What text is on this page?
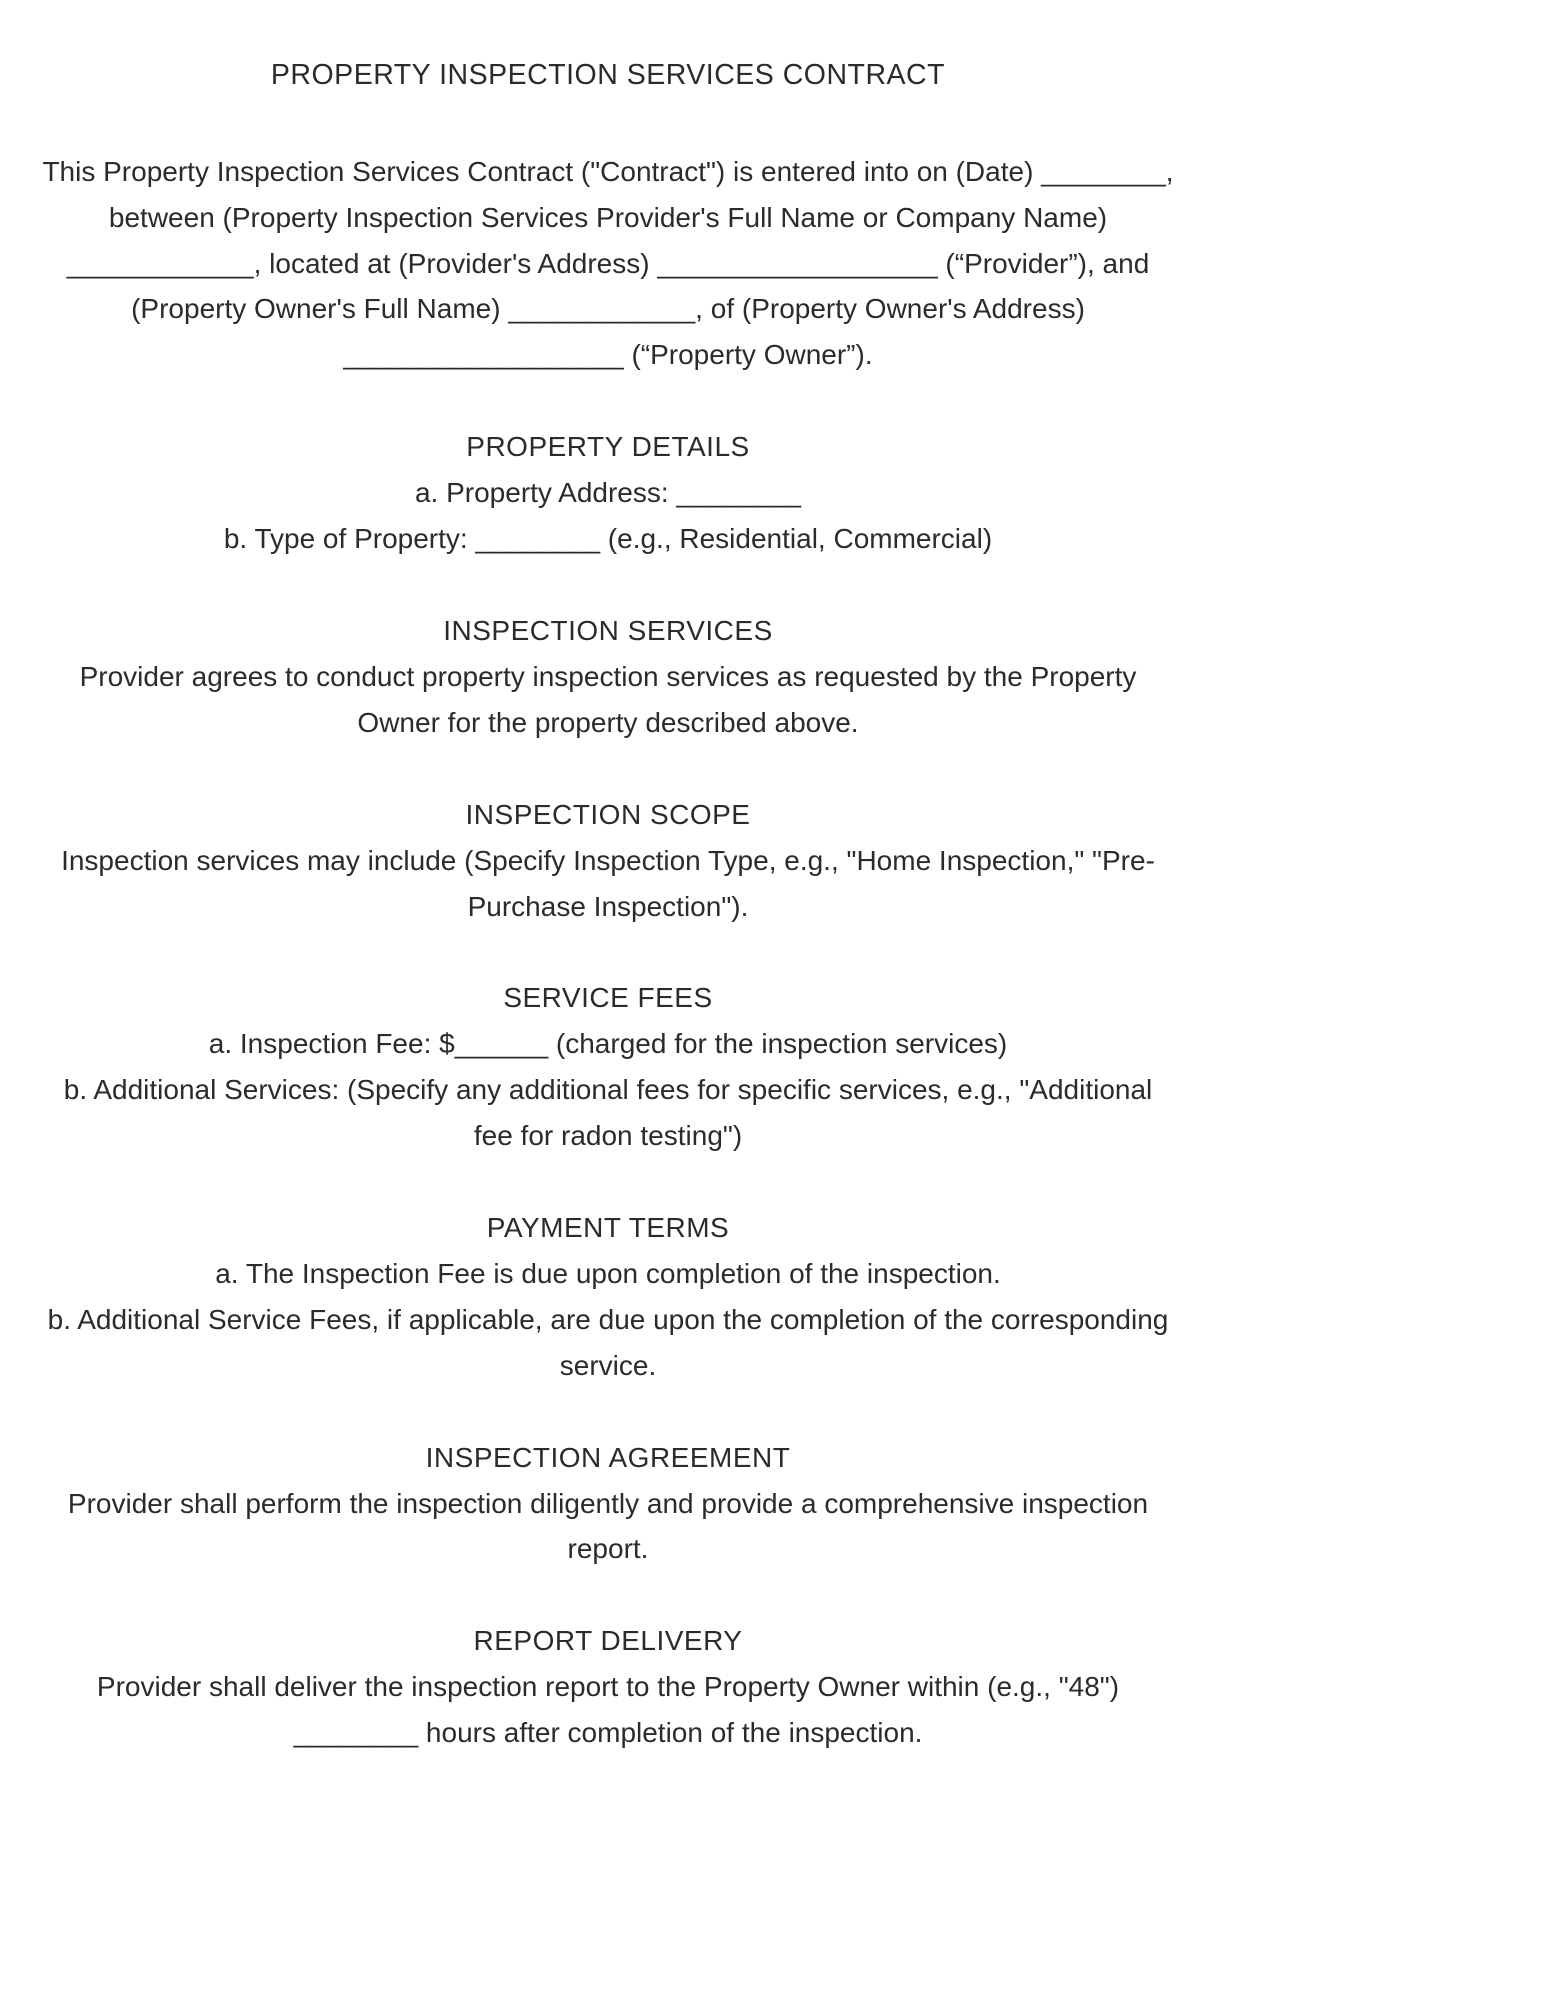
PROPERTY INSPECTION SERVICES CONTRACT

This Property Inspection Services Contract ("Contract") is entered into on (Date) ________, between (Property Inspection Services Provider's Full Name or Company Name) ____________, located at (Provider's Address) __________________ (“Provider”), and (Property Owner's Full Name) ____________, of (Property Owner's Address) __________________ (“Property Owner”).

PROPERTY DETAILS

a. Property Address: ________

b. Type of Property: ________ (e.g., Residential, Commercial)

INSPECTION SERVICES

Provider agrees to conduct property inspection services as requested by the Property Owner for the property described above.

INSPECTION SCOPE

Inspection services may include (Specify Inspection Type, e.g., "Home Inspection," "Pre-Purchase Inspection").

SERVICE FEES

a. Inspection Fee: $______ (charged for the inspection services)

b. Additional Services: (Specify any additional fees for specific services, e.g., "Additional fee for radon testing")

PAYMENT TERMS

a. The Inspection Fee is due upon completion of the inspection.

b. Additional Service Fees, if applicable, are due upon the completion of the corresponding service.

INSPECTION AGREEMENT

Provider shall perform the inspection diligently and provide a comprehensive inspection report.

REPORT DELIVERY

Provider shall deliver the inspection report to the Property Owner within (e.g., "48") ________ hours after completion of the inspection.
